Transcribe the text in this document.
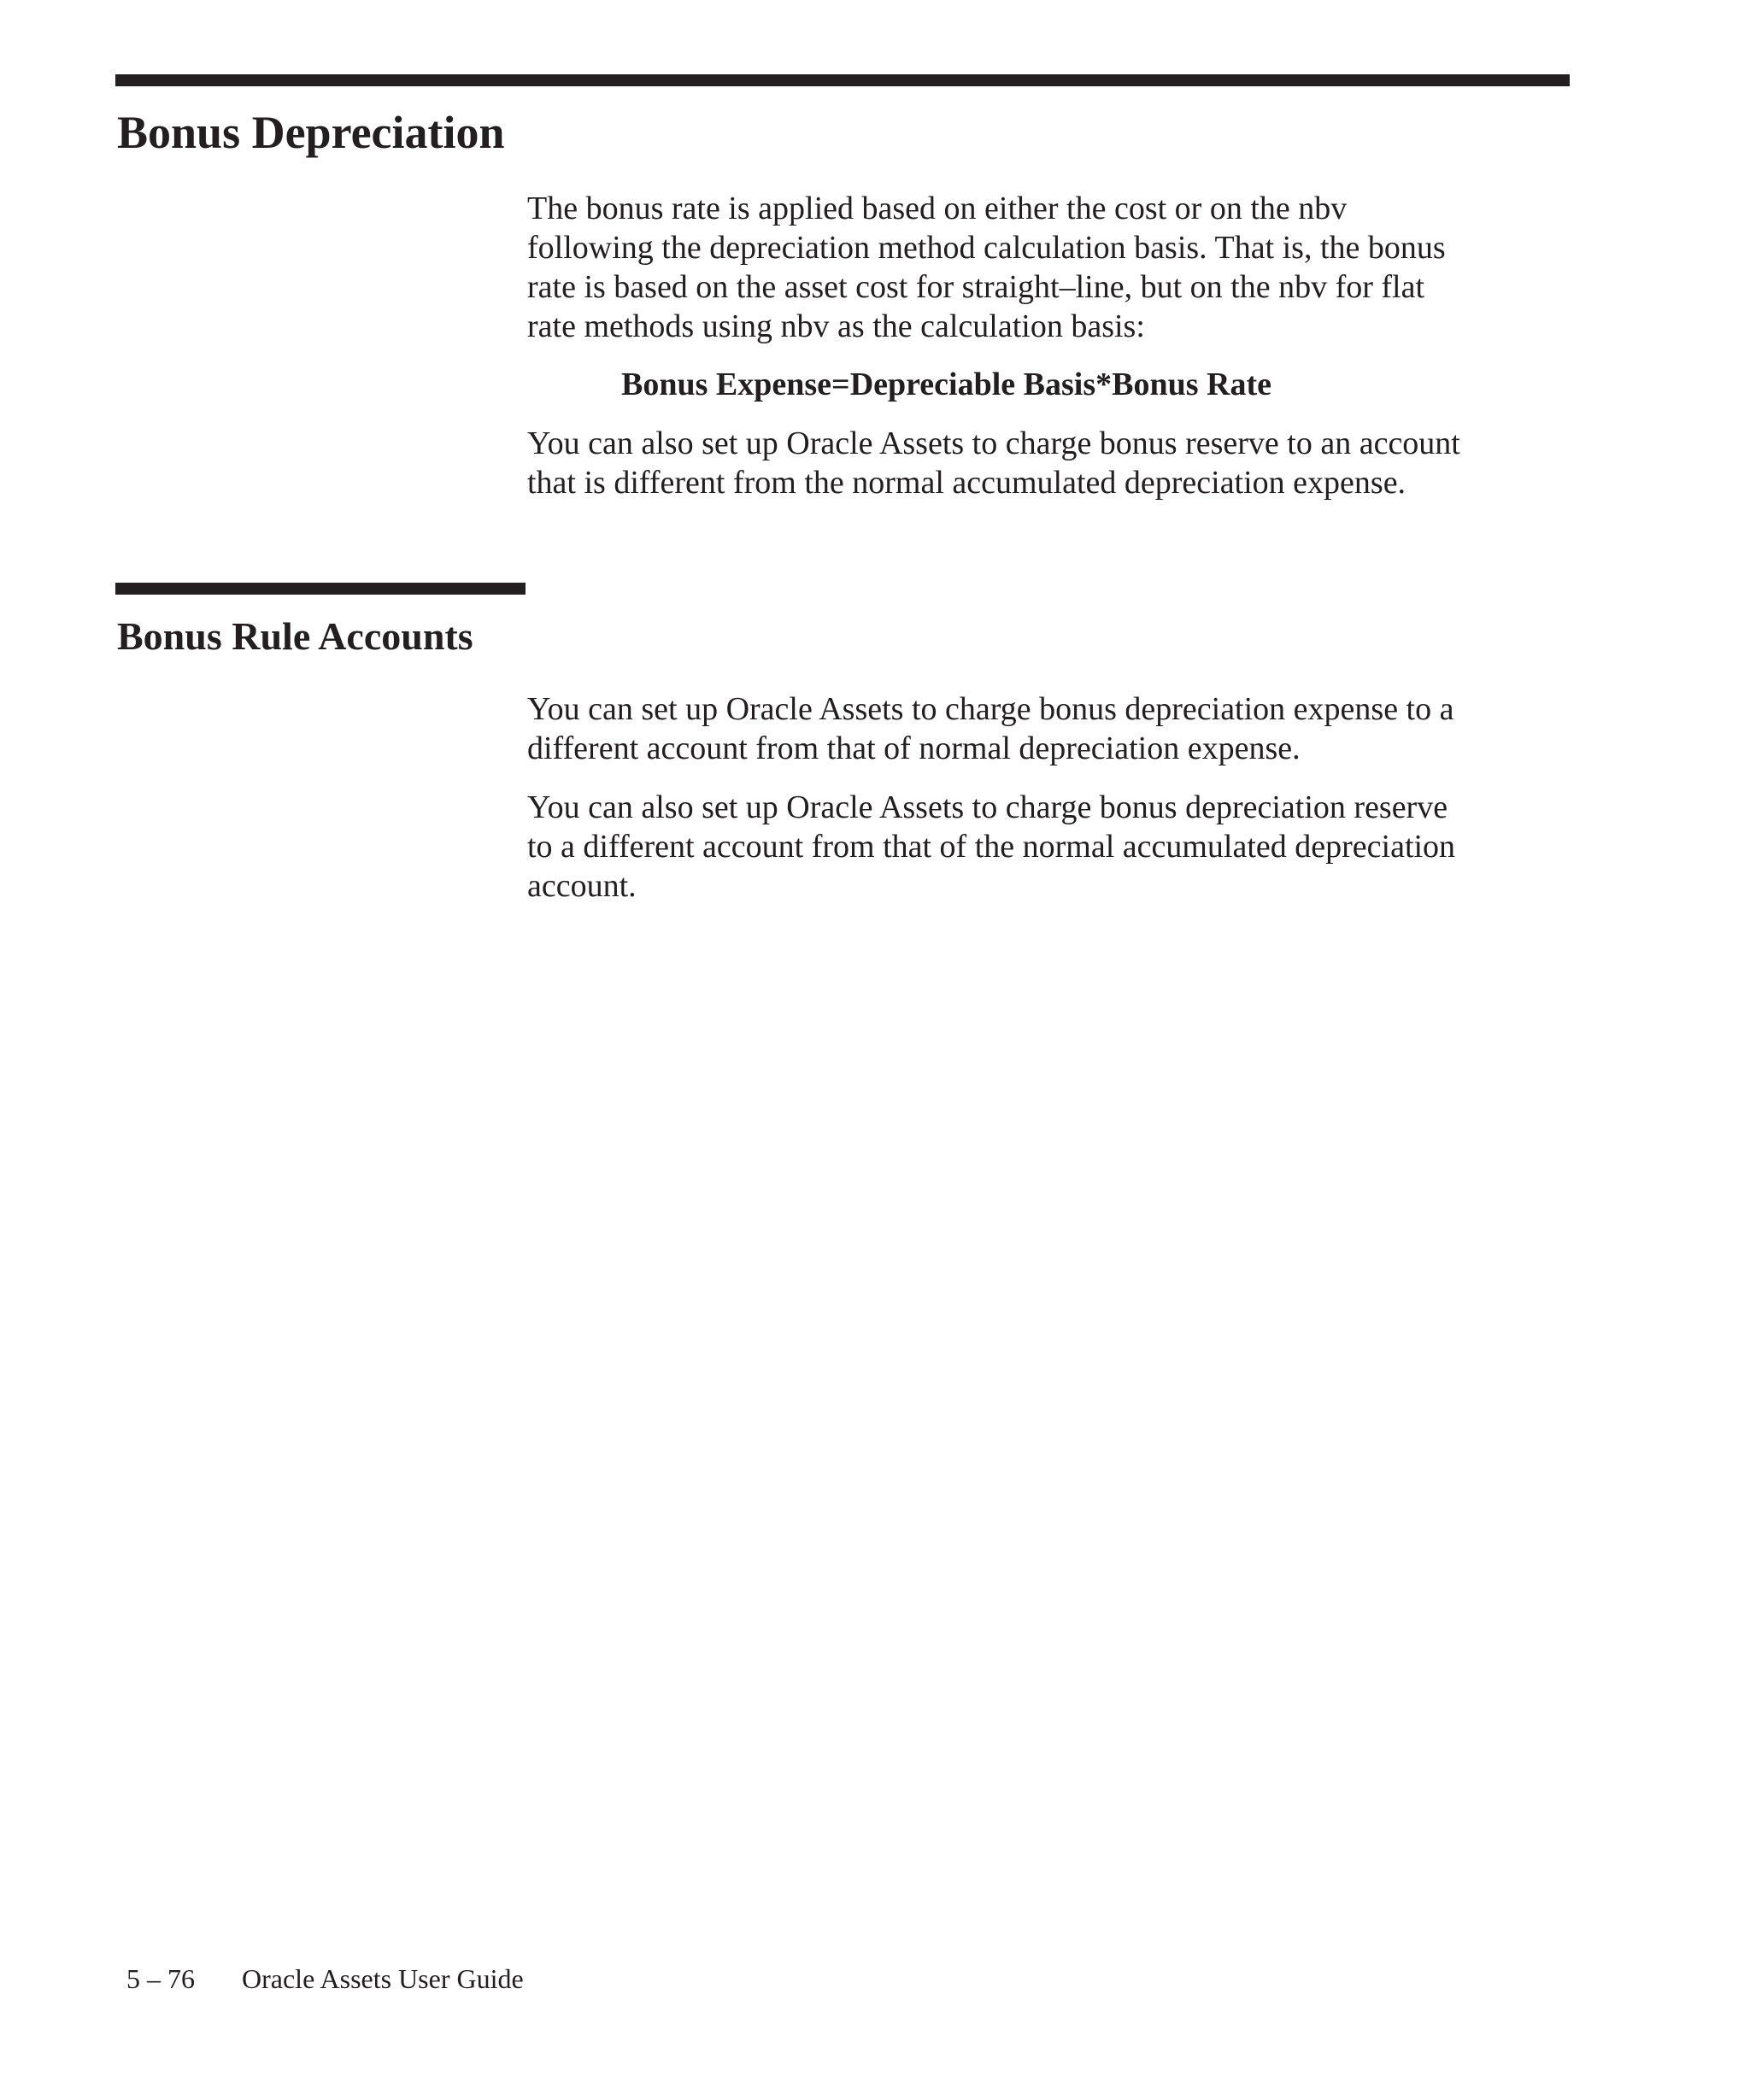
Bonus Depreciation

The bonus rate is applied based on either the cost or on the nbv

following the depreciation method calculation basis. That is, the bonus

rate is based on the asset cost for straight–line, but on the nbv for flat

rate methods using nbv as the calculation basis:

Bonus Expense=Depreciable Basis*Bonus Rate

You can also set up Oracle Assets to charge bonus reserve to an account

that is different from the normal accumulated depreciation expense.

Bonus Rule Accounts

You can set up Oracle Assets to charge bonus depreciation expense to a

different account from that of normal depreciation expense.

You can also set up Oracle Assets to charge bonus depreciation reserve

to a different account from that of the normal accumulated depreciation

account.

5 – 76 Oracle Assets User Guide
